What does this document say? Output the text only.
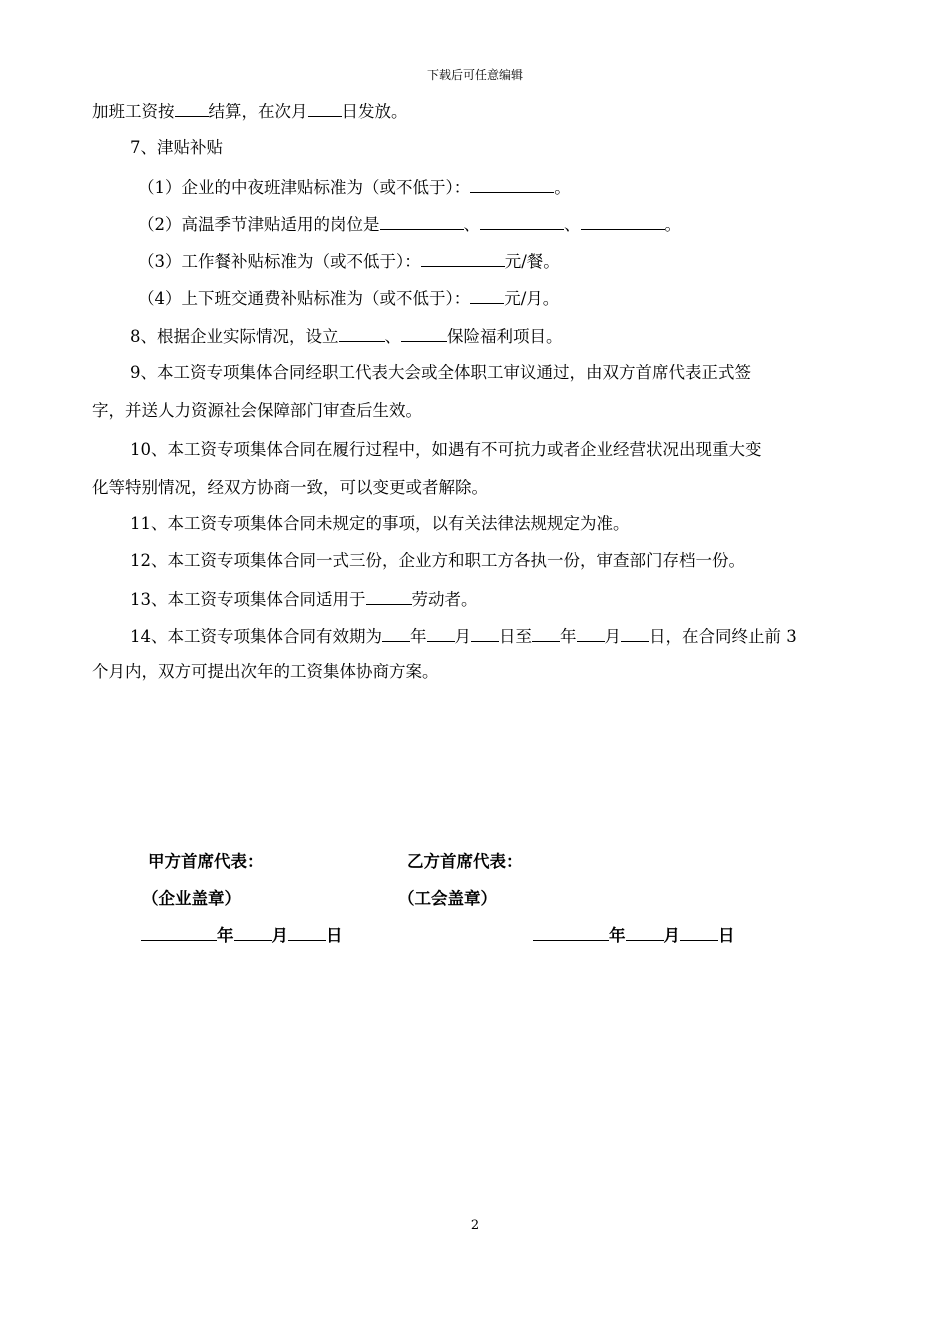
下载后可任意编辑
加班工资按 结算，在次月 日发放。
7、津贴补贴
（1）企业的中夜班津贴标准为（或不低于）：	。
（2）高温季节津贴适用的岗位是	、	、	。
（3）工作餐补贴标准为（或不低于）：	元/餐。
（4）上下班交通费补贴标准为（或不低于）： 元/月。
8、根据企业实际情况，设立	、	保险福利项目。
9、本工资专项集体合同经职工代表大会或全体职工审议通过，由双方首席代表正式签
字，并送人力资源社会保障部门审查后生效。
10、本工资专项集体合同在履行过程中，如遇有不可抗力或者企业经营状况出现重大变
化等特别情况，经双方协商一致，可以变更或者解除。
11、本工资专项集体合同未规定的事项，以有关法律法规规定为准。
12、本工资专项集体合同一式三份，企业方和职工方各执一份，审查部门存档一份。
13、本工资专项集体合同适用于	劳动者。
14、本工资专项集体合同有效期为 年 月 日至 年 月 日，在合同终止前 3
个月内，双方可提出次年的工资集体协商方案。
甲方首席代表：	乙方首席代表：
（企业盖章）	（工会盖章）
年 月 日	年 月 日
2
